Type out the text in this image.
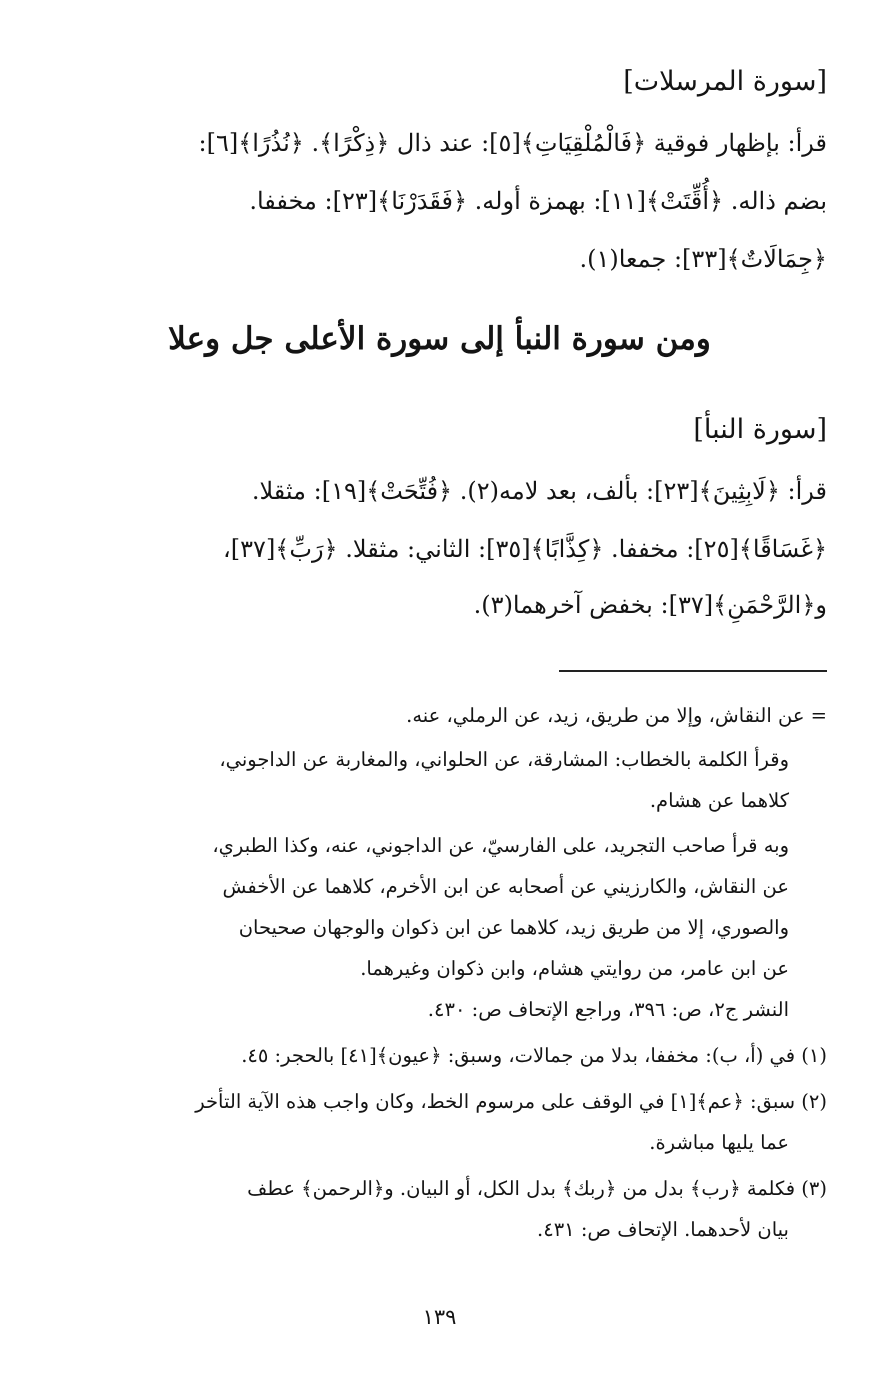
[سورة المرسلات]
قرأ: بإظهار فوقية ﴿فَالْمُلْقِيَاتِ﴾[٥]: عند ذال ﴿ذِكْرًا﴾. ﴿نُذُرًا﴾[٦]:
بضم ذاله. ﴿أُقِّتَتْ﴾[١١]: بهمزة أوله. ﴿فَقَدَرْنَا﴾[٢٣]: مخففا.
﴿جِمَالَاتٌ﴾[٣٣]: جمعا(١).
ومن سورة النبأ إلى سورة الأعلى جل وعلا
[سورة النبأ]
قرأ: ﴿لَابِثِينَ﴾[٢٣]: بألف، بعد لامه(٢). ﴿فُتِّحَتْ﴾[١٩]: مثقلا.
﴿غَسَاقًا﴾[٢٥]: مخففا. ﴿كِذَّابًا﴾[٣٥]: الثاني: مثقلا. ﴿رَبِّ﴾[٣٧]،
و﴿الرَّحْمَنِ﴾[٣٧]: بخفض آخرهما(٣).
= عن النقاش، وإلا من طريق، زيد، عن الرملي، عنه.
وقرأ الكلمة بالخطاب: المشارقة، عن الحلواني، والمغاربة عن الداجوني،
كلاهما عن هشام.
وبه قرأ صاحب التجريد، على الفارسيّ، عن الداجوني، عنه، وكذا الطبري،
عن النقاش، والكارزيني عن أصحابه عن ابن الأخرم، كلاهما عن الأخفش
والصوري، إلا من طريق زيد، كلاهما عن ابن ذكوان والوجهان صحيحان
عن ابن عامر، من روايتي هشام، وابن ذكوان وغيرهما.
النشر ج٢، ص: ٣٩٦، وراجع الإتحاف ص: ٤٣٠.
(١) في (أ، ب): مخففا، بدلا من جمالات، وسبق: ﴿عيون﴾[٤١] بالحجر: ٤٥.
(٢) سبق: ﴿عم﴾[١] في الوقف على مرسوم الخط، وكان واجب هذه الآية التأخر
عما يليها مباشرة.
(٣) فكلمة ﴿رب﴾ بدل من ﴿ربك﴾ بدل الكل، أو البيان. و﴿الرحمن﴾ عطف
بيان لأحدهما. الإتحاف ص: ٤٣١.
١٣٩
